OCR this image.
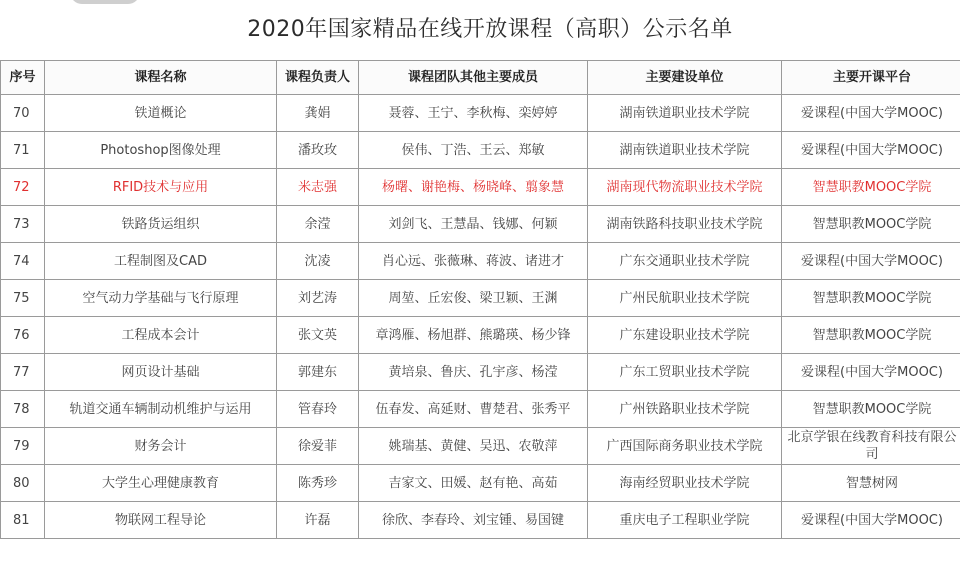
2020年国家精品在线开放课程（高职）公示名单
序号	课程名称	课程负责人	课程团队其他主要成员	主要建设单位	主要开课平台
70	铁道概论	龚娟	聂蓉、王宁、李秋梅、栾婷婷	湖南铁道职业技术学院	爱课程(中国大学MOOC)
71	Photoshop图像处理	潘玫玫	侯伟、丁浩、王云、郑敏	湖南铁道职业技术学院	爱课程(中国大学MOOC)
72	RFID技术与应用	米志强	杨曙、谢艳梅、杨晓峰、翦象慧	湖南现代物流职业技术学院	智慧职教MOOC学院
73	铁路货运组织	余滢	刘剑飞、王慧晶、钱娜、何颖	湖南铁路科技职业技术学院	智慧职教MOOC学院
74	工程制图及CAD	沈凌	肖心远、张薇琳、蒋波、诸进才	广东交通职业技术学院	爱课程(中国大学MOOC)
75	空气动力学基础与飞行原理	刘艺涛	周堃、丘宏俊、梁卫颖、王渊	广州民航职业技术学院	智慧职教MOOC学院
76	工程成本会计	张文英	章鸿雁、杨旭群、熊璐瑛、杨少锋	广东建设职业技术学院	智慧职教MOOC学院
77	网页设计基础	郭建东	黄培泉、鲁庆、孔宇彦、杨滢	广东工贸职业技术学院	爱课程(中国大学MOOC)
78	轨道交通车辆制动机维护与运用	管春玲	伍春发、高延财、曹楚君、张秀平	广州铁路职业技术学院	智慧职教MOOC学院
79	财务会计	徐爱菲	姚瑞基、黄健、吴迅、农敬萍	广西国际商务职业技术学院	北京学银在线教育科技有限公司
80	大学生心理健康教育	陈秀珍	吉家文、田媛、赵有艳、高茹	海南经贸职业技术学院	智慧树网
81	物联网工程导论	许磊	徐欣、李春玲、刘宝锺、易国键	重庆电子工程职业学院	爱课程(中国大学MOOC)
